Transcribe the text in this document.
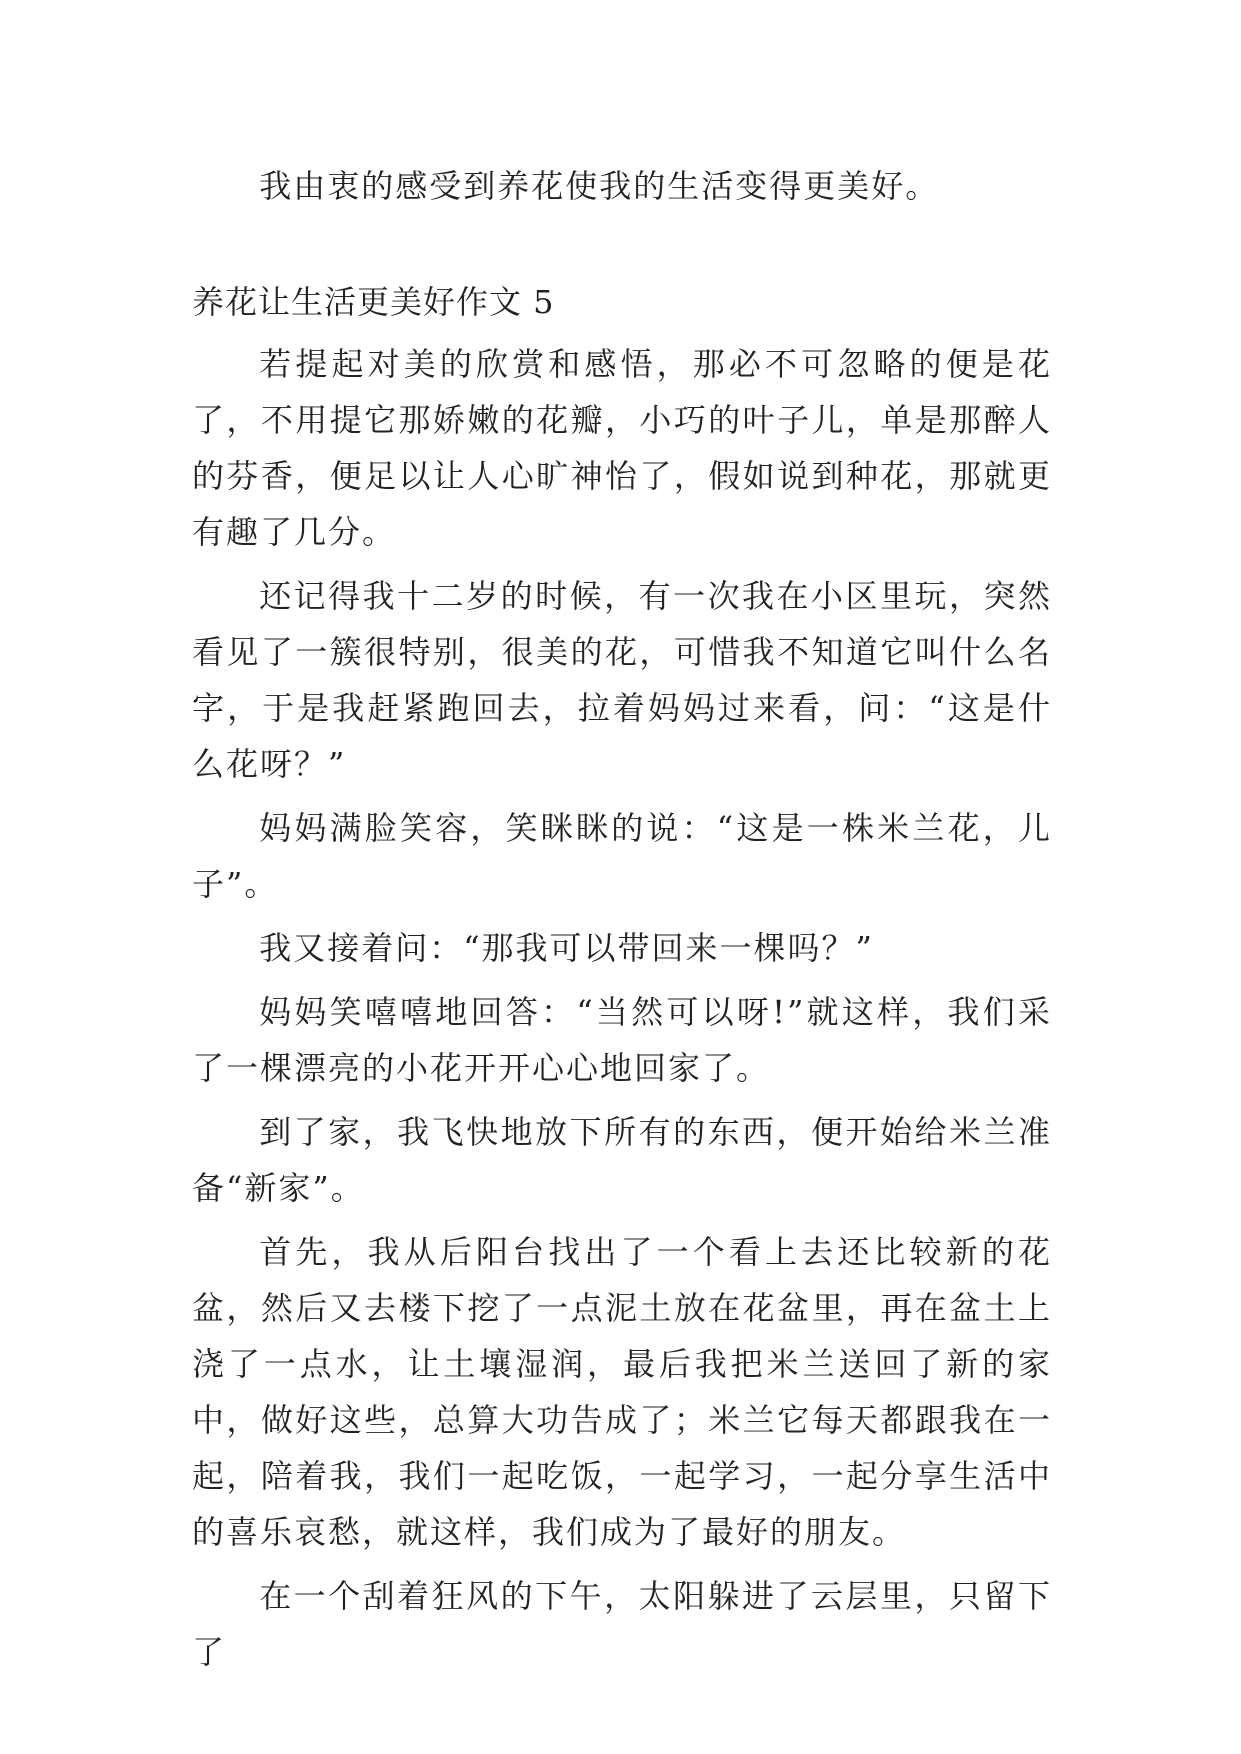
我由衷的感受到养花使我的生活变得更美好。

养花让生活更美好作文 5

若提起对美的欣赏和感悟，那必不可忽略的便是花了，不用提它那娇嫩的花瓣，小巧的叶子儿，单是那醉人的芬香，便足以让人心旷神怡了，假如说到种花，那就更有趣了几分。

还记得我十二岁的时候，有一次我在小区里玩，突然看见了一簇很特别，很美的花，可惜我不知道它叫什么名字，于是我赶紧跑回去，拉着妈妈过来看，问：“这是什么花呀？”

妈妈满脸笑容，笑眯眯的说：“这是一株米兰花，儿子”。

我又接着问：“那我可以带回来一棵吗？”

妈妈笑嘻嘻地回答：“当然可以呀!”就这样，我们采了一棵漂亮的小花开开心心地回家了。

到了家，我飞快地放下所有的东西，便开始给米兰准备“新家”。

首先，我从后阳台找出了一个看上去还比较新的花盆，然后又去楼下挖了一点泥土放在花盆里，再在盆土上浇了一点水，让土壤湿润，最后我把米兰送回了新的家中，做好这些，总算大功告成了；米兰它每天都跟我在一起，陪着我，我们一起吃饭，一起学习，一起分享生活中的喜乐哀愁，就这样，我们成为了最好的朋友。

在一个刮着狂风的下午，太阳躲进了云层里，只留下了
